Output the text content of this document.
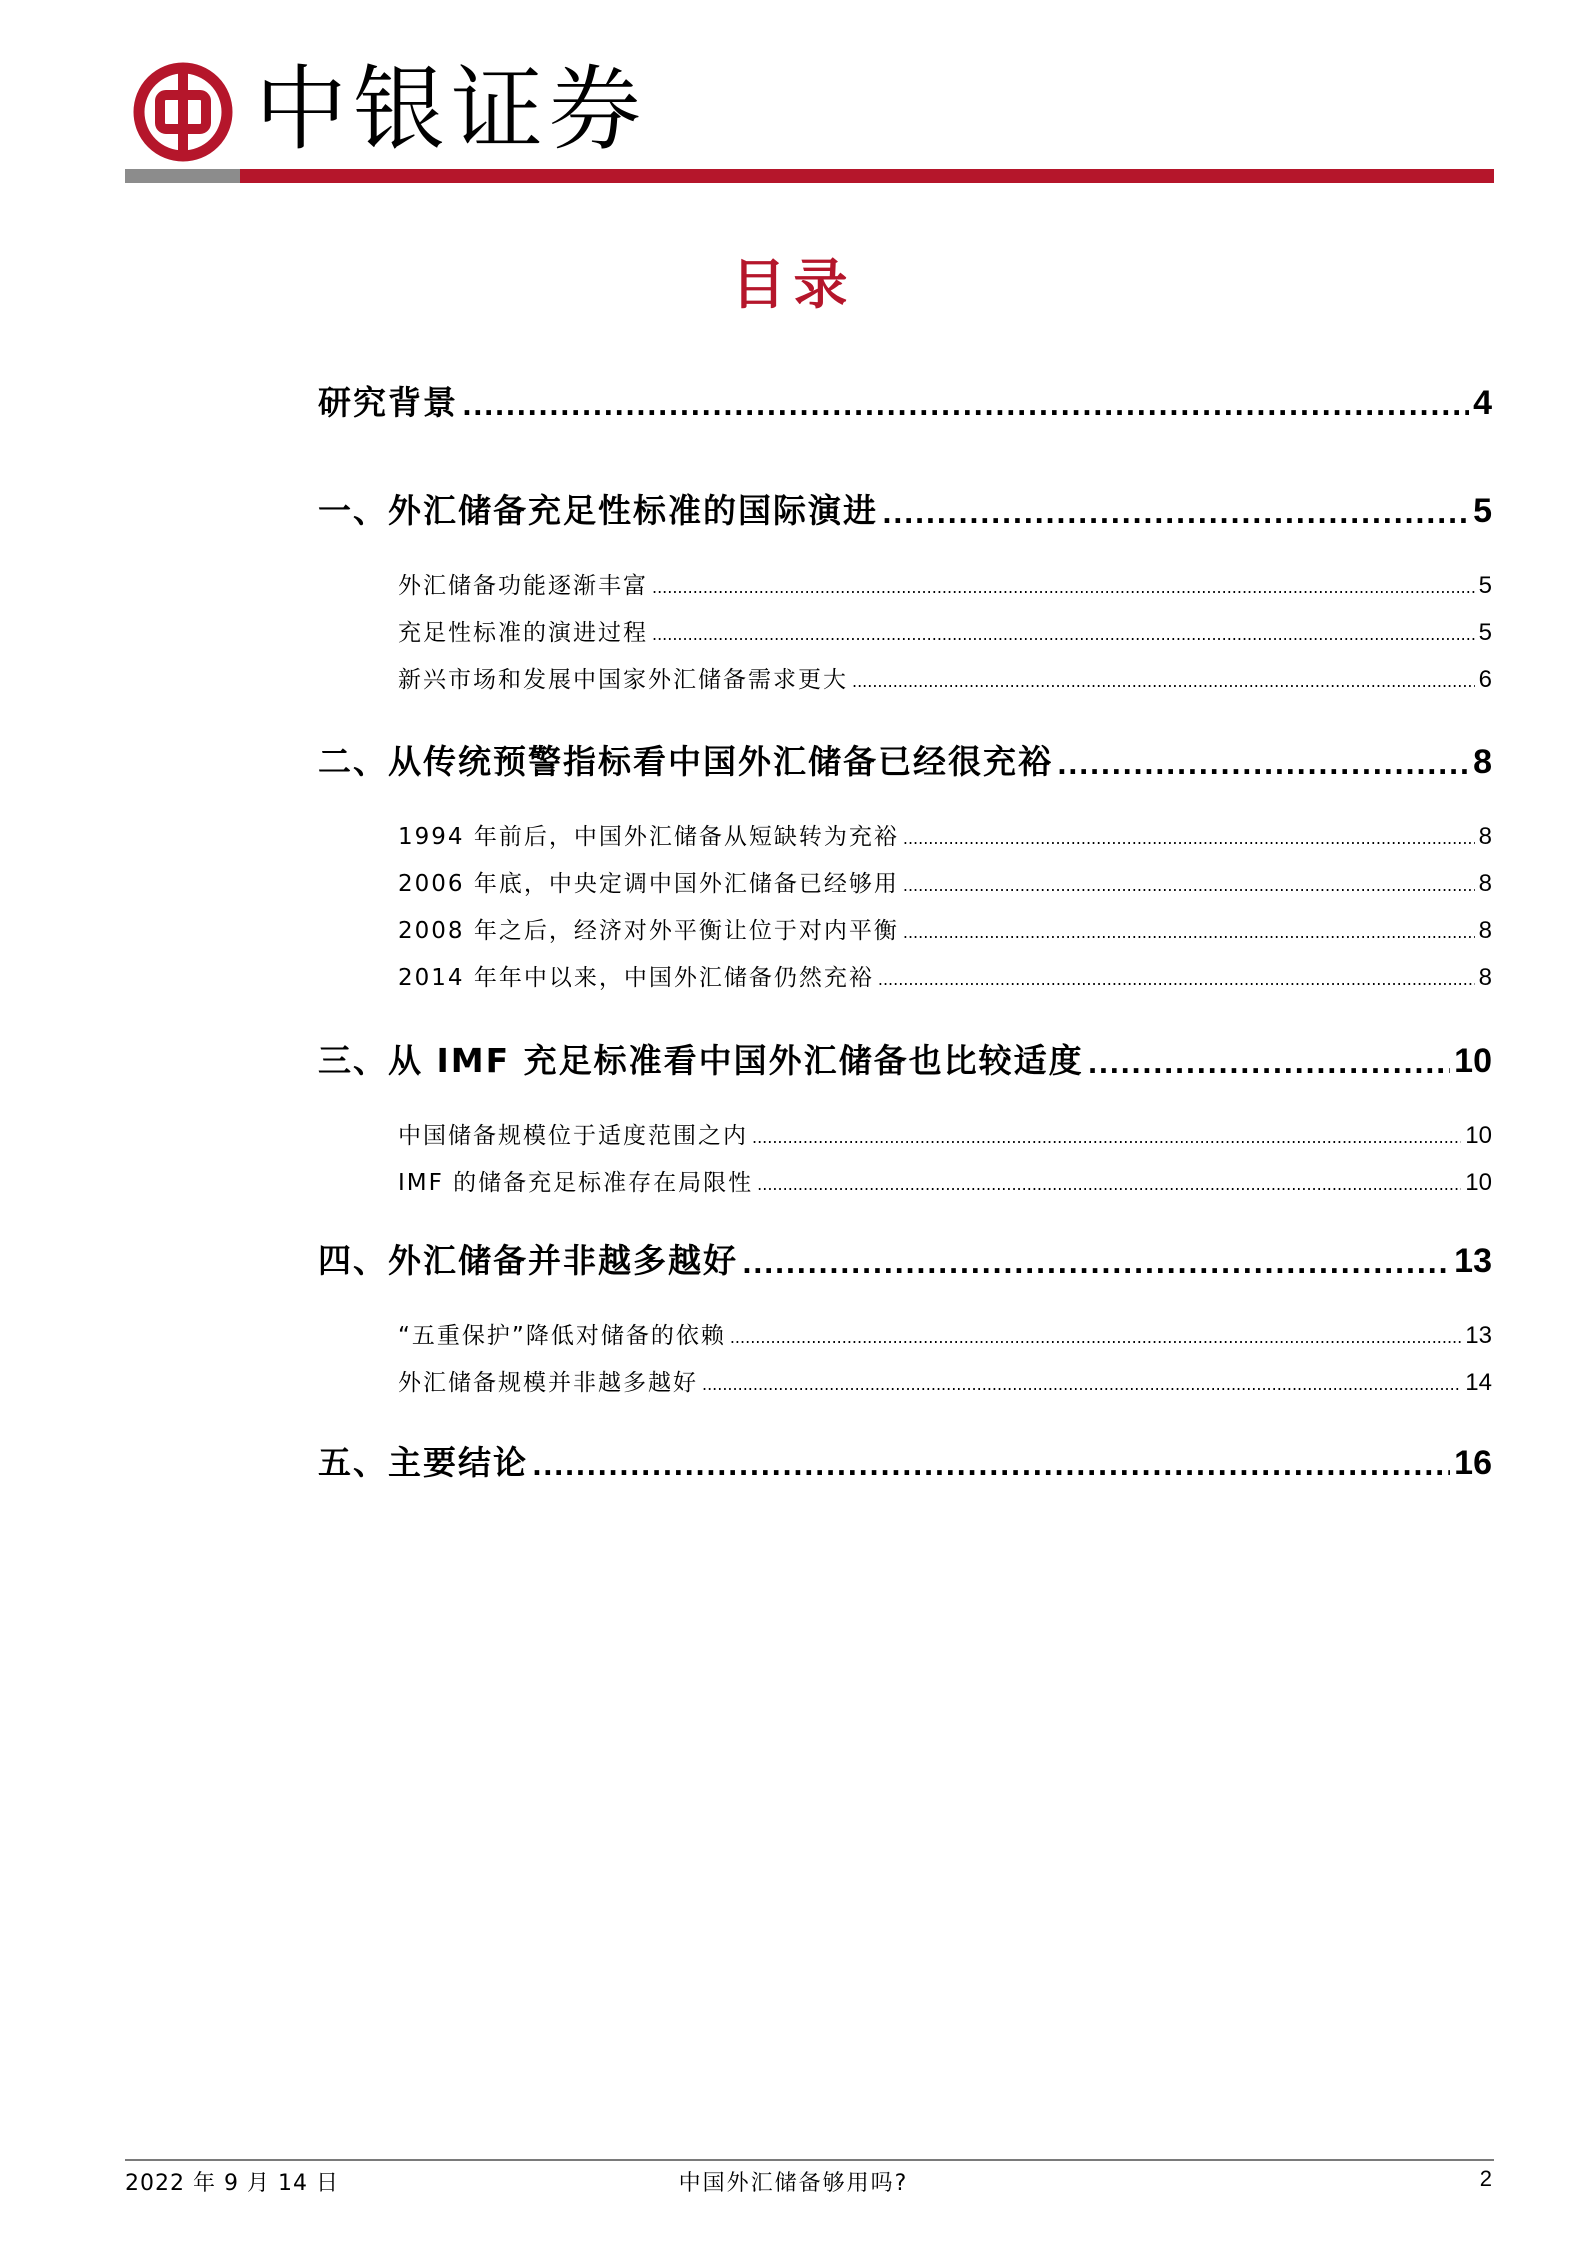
中银证券
目录
研究背景 .....	4
一、外汇储备充足性标准的国际演进 .....	5
外汇储备功能逐渐丰富 .....	5
充足性标准的演进过程 .....	5
新兴市场和发展中国家外汇储备需求更大 .....	6
二、从传统预警指标看中国外汇储备已经很充裕 .....	8
1994 年前后，中国外汇储备从短缺转为充裕 .....	8
2006 年底，中央定调中国外汇储备已经够用 .....	8
2008 年之后，经济对外平衡让位于对内平衡 .....	8
2014 年年中以来，中国外汇储备仍然充裕 .....	8
三、从 IMF 充足标准看中国外汇储备也比较适度 .....	10
中国储备规模位于适度范围之内 .....	10
IMF 的储备充足标准存在局限性 .....	10
四、外汇储备并非越多越好 .....	13
“五重保护”降低对储备的依赖 .....	13
外汇储备规模并非越多越好 .....	14
五、主要结论 .....	16
2022 年 9 月 14 日	中国外汇储备够用吗?	2
